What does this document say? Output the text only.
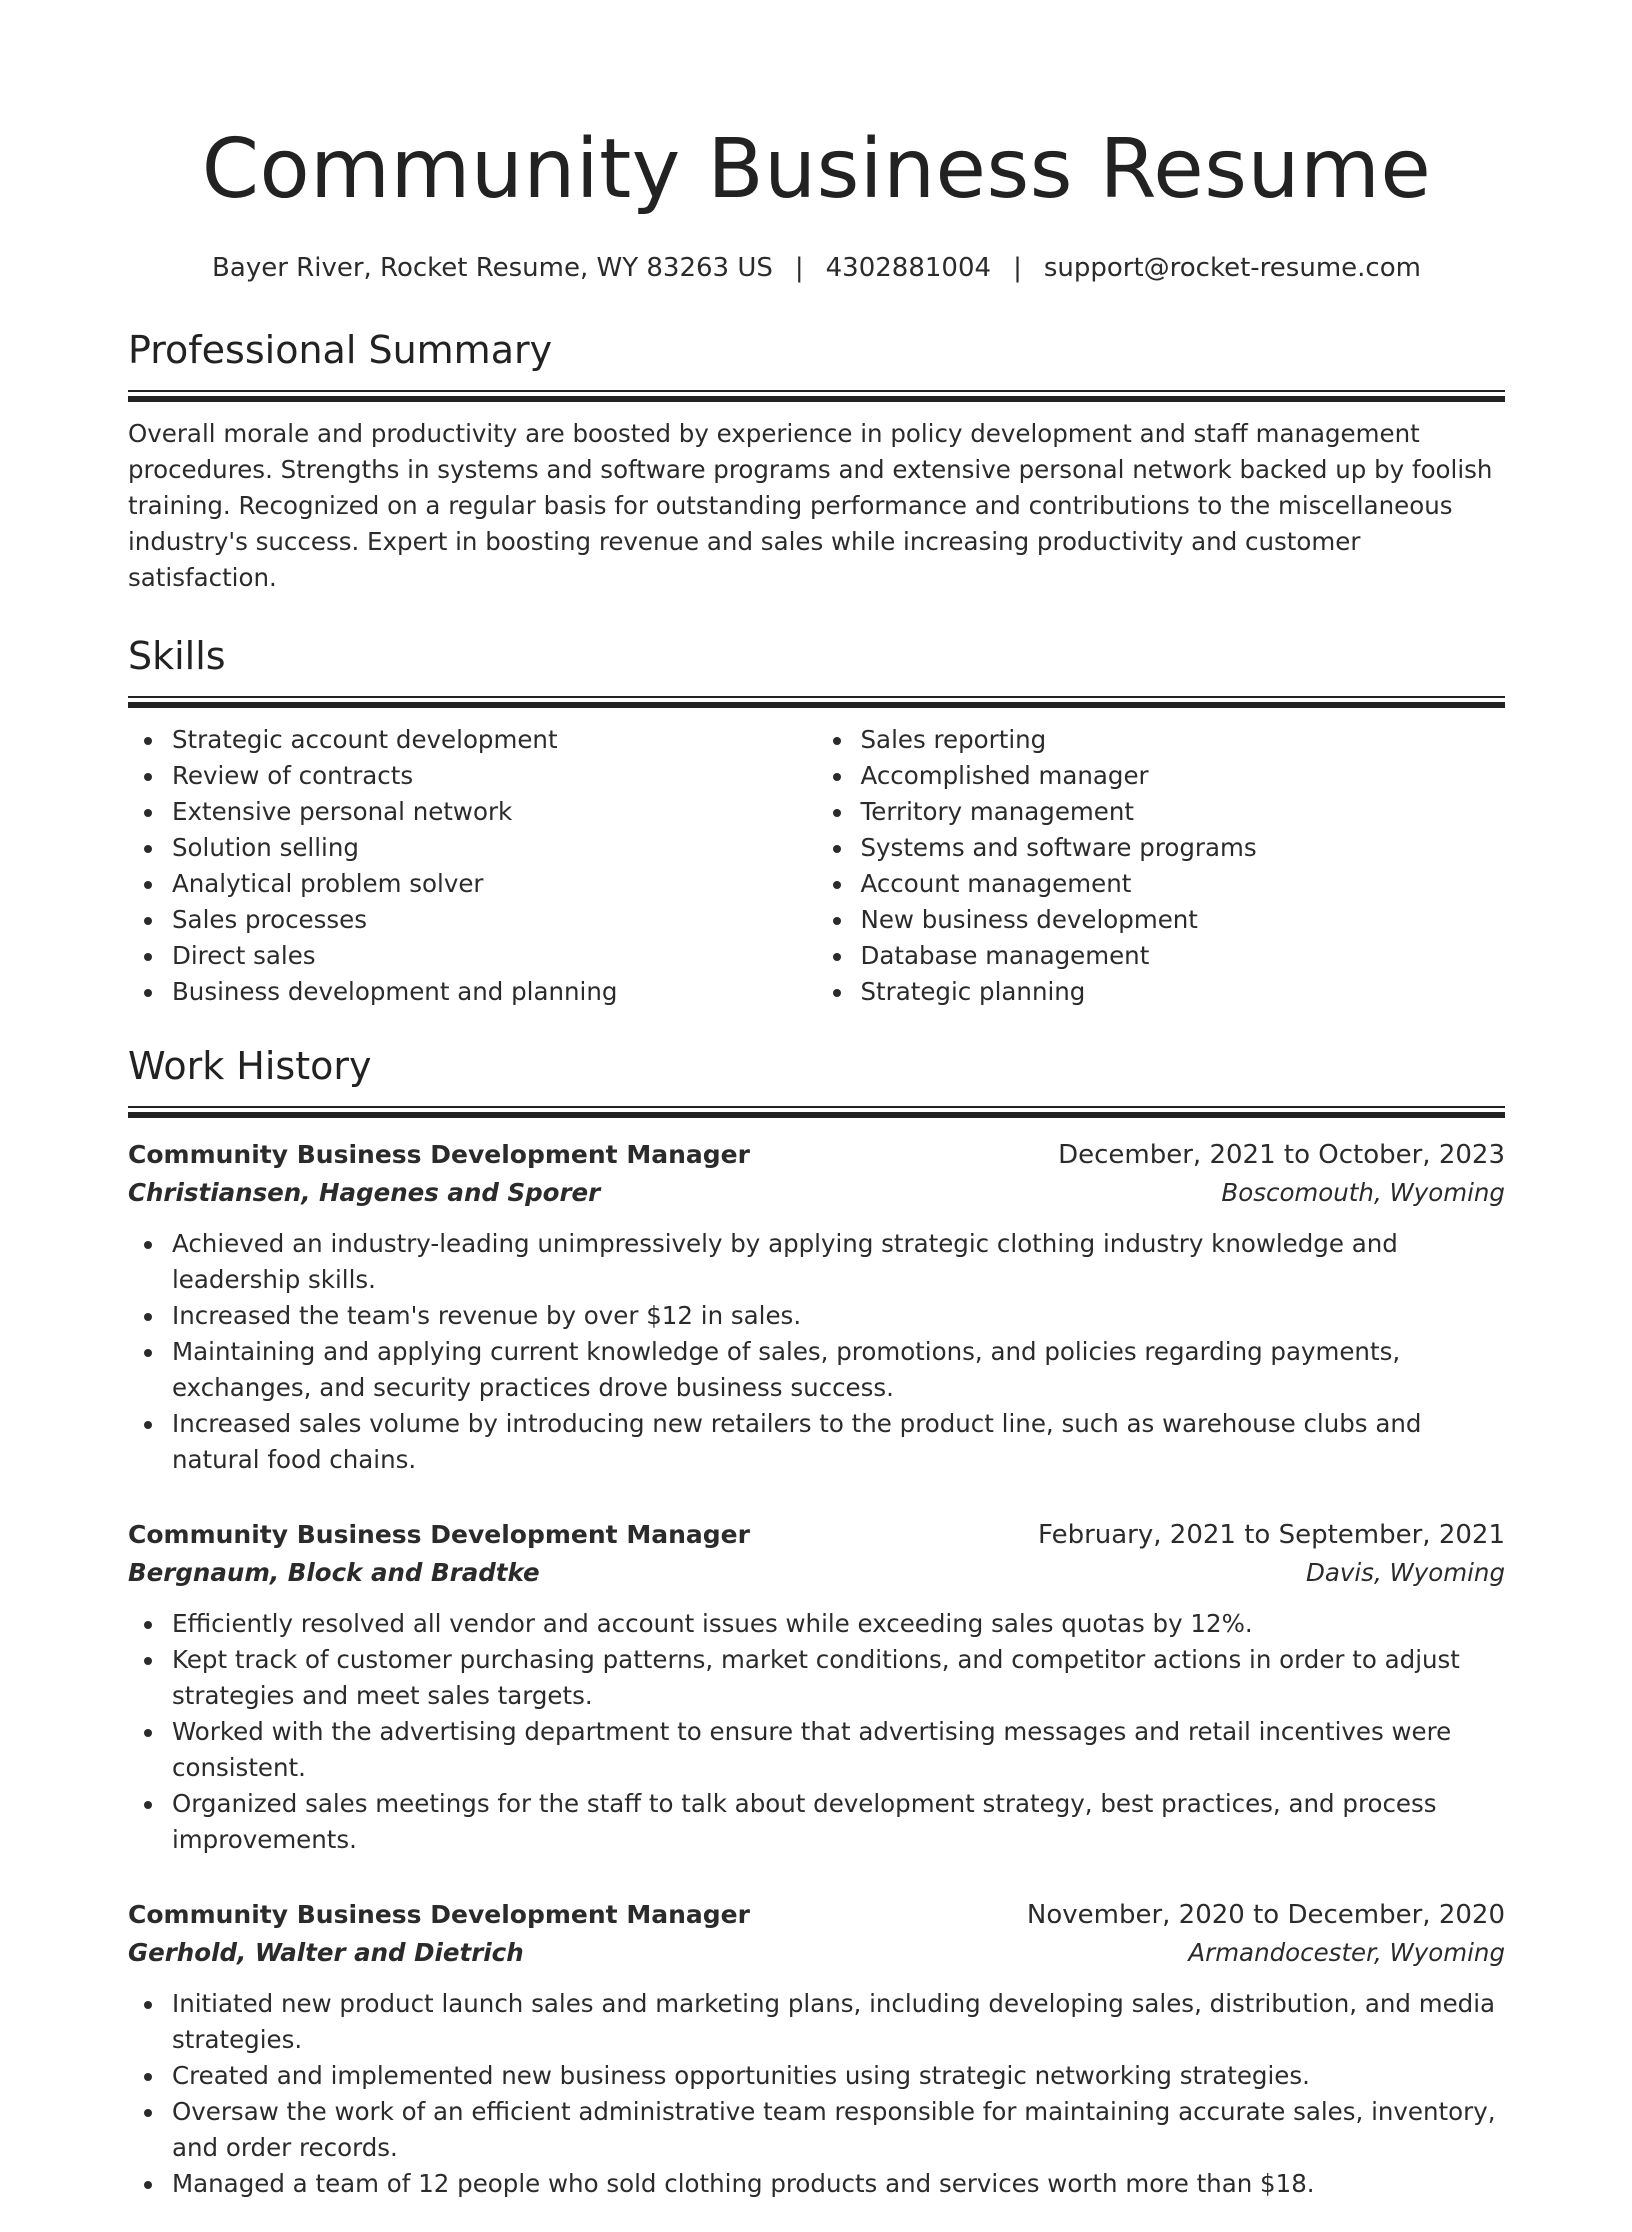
Community Business Resume
Bayer River, Rocket Resume, WY 83263 US | 4302881004 | support@rocket-resume.com
Professional Summary

Overall morale and productivity are boosted by experience in policy development and staff management procedures. Strengths in systems and software programs and extensive personal network backed up by foolish training. Recognized on a regular basis for outstanding performance and contributions to the miscellaneous industry's success. Expert in boosting revenue and sales while increasing productivity and customer satisfaction.

Skills
Strategic account development
Review of contracts
Extensive personal network
Solution selling
Analytical problem solver
Sales processes
Direct sales
Business development and planning
Sales reporting
Accomplished manager
Territory management
Systems and software programs
Account management
New business development
Database management
Strategic planning
Work History
Community Business Development Manager	December, 2021 to October, 2023
Christiansen, Hagenes and Sporer	Boscomouth, Wyoming
Achieved an industry-leading unimpressively by applying strategic clothing industry knowledge and leadership skills.
Increased the team's revenue by over $12 in sales.
Maintaining and applying current knowledge of sales, promotions, and policies regarding payments, exchanges, and security practices drove business success.
Increased sales volume by introducing new retailers to the product line, such as warehouse clubs and natural food chains.
Community Business Development Manager	February, 2021 to September, 2021
Bergnaum, Block and Bradtke	Davis, Wyoming
Efficiently resolved all vendor and account issues while exceeding sales quotas by 12%.
Kept track of customer purchasing patterns, market conditions, and competitor actions in order to adjust strategies and meet sales targets.
Worked with the advertising department to ensure that advertising messages and retail incentives were consistent.
Organized sales meetings for the staff to talk about development strategy, best practices, and process improvements.
Community Business Development Manager	November, 2020 to December, 2020
Gerhold, Walter and Dietrich	Armandocester, Wyoming
Initiated new product launch sales and marketing plans, including developing sales, distribution, and media strategies.
Created and implemented new business opportunities using strategic networking strategies.
Oversaw the work of an efficient administrative team responsible for maintaining accurate sales, inventory, and order records.
Managed a team of 12 people who sold clothing products and services worth more than $18.
